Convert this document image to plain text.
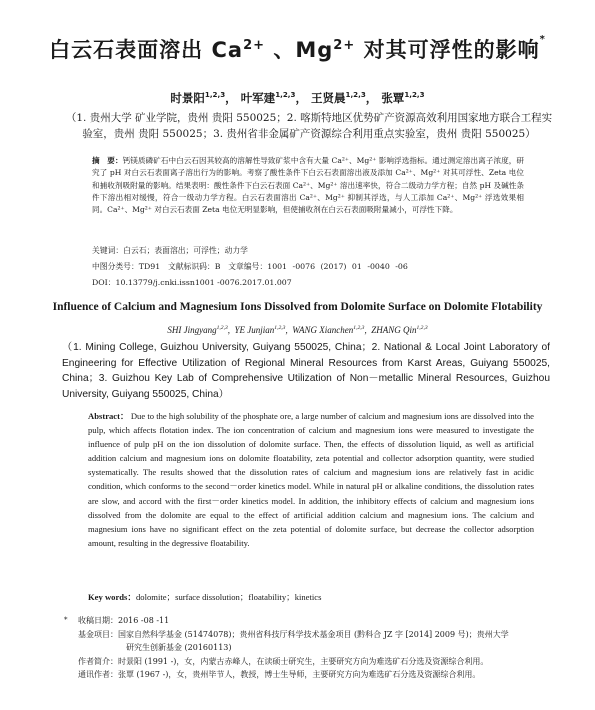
白云石表面溶出 $Ca^{2+}$ 、$Mg^{2+}$ 对其可浮性的影响*
时景阳$^{1,2,3}$， 叶军建$^{1,2,3}$， 王贤晨$^{1,2,3}$， 张覃$^{1,2,3}$
（1. 贵州大学 矿业学院，贵州 贵阳 550025；2. 喀斯特地区优势矿产资源高效利用国家地方联合工程实验室，贵州 贵阳 550025；3. 贵州省非金属矿产资源综合利用重点实验室，贵州 贵阳 550025）
摘　要：钙镁质磷矿石中白云石因其较高的溶解性导致矿浆中含有大量 Ca²⁺、Mg²⁺ 影响浮选指标。通过测定溶出离子浓度，研究了 pH 对白云石表面离子溶出行为的影响。考察了酸性条件下白云石表面溶出液及添加 Ca²⁺、Mg²⁺ 对其可浮性、Zeta 电位和捕收剂吸附量的影响。结果表明：酸性条件下白云石表面 Ca²⁺、Mg²⁺ 溶出速率快，符合二级动力学方程；自然 pH 及碱性条件下溶出相对缓慢，符合一级动力学方程。白云石表面溶出 Ca²⁺、Mg²⁺ 抑制其浮选，与人工添加 Ca²⁺、Mg²⁺ 浮选效果相同。Ca²⁺、Mg²⁺ 对白云石表面 Zeta 电位无明显影响，但使捕收剂在白云石表面吸附量减小，可浮性下降。
关键词：白云石；表面溶出；可浮性；动力学
中图分类号：TD91　文献标识码：B　文章编号：1001 -0076 (2017) 01 -0040 -06
DOI：10.13779/j.cnki.issn1001 -0076.2017.01.007
Influence of Calcium and Magnesium Ions Dissolved from Dolomite Surface on Dolomite Flotability
SHI Jingyang$^{1,2,3}$,  YE Junjian$^{1,2,3}$,  WANG Xianchen$^{1,2,3}$,  ZHANG Qin$^{1,2,3}$
（1. Mining College, Guizhou University, Guiyang 550025, China；2. National & Local Joint Laboratory of Engineering for Effective Utilization of Regional Mineral Resources from Karst Areas, Guiyang 550025, China；3. Guizhou Key Lab of Comprehensive Utilization of Non－metallic Mineral Resources, Guizhou University, Guiyang 550025, China）
Abstract： Due to the high solubility of the phosphate ore, a large number of calcium and magnesium ions are dissolved into the pulp, which affects flotation index. The ion concentration of calcium and magnesium ions were measured to investigate the influence of pulp pH on the ion dissolution of dolomite surface. Then, the effects of dissolution liquid, as well as artificial addition calcium and magnesium ions on dolomite floatability, zeta potential and collector adsorption quantity, were studied systematically. The results showed that the dissolution rates of calcium and magnesium ions are relatively fast in acidic condition, which conforms to the second－order kinetics model. While in natural pH or alkaline conditions, the dissolution rates are slow, and accord with the first－order kinetics model. In addition, the inhibitory effects of calcium and magnesium ions dissolved from the dolomite are equal to the effect of artificial addition calcium and magnesium ions. The calcium and magnesium ions have no significant effect on the zeta potential of dolomite surface, but decrease the collector adsorption amount, resulting in the degressive floatability.
Key words：dolomite；surface dissolution；floatability；kinetics
* 收稿日期：2016 -08 -11
基金项目：国家自然科学基金 (51474078)；贵州省科技厅科学技术基金项目 (黔科合 JZ 字 [2014] 2009 号)；贵州大学
研究生创新基金 (20160113)
作者简介：时景阳 (1991 -)，女，内蒙古赤峰人，在读硕士研究生，主要研究方向为难选矿石分选及资源综合利用。
通讯作者：张覃 (1967 -)，女，贵州毕节人，教授，博士生导师，主要研究方向为难选矿石分选及资源综合利用。
